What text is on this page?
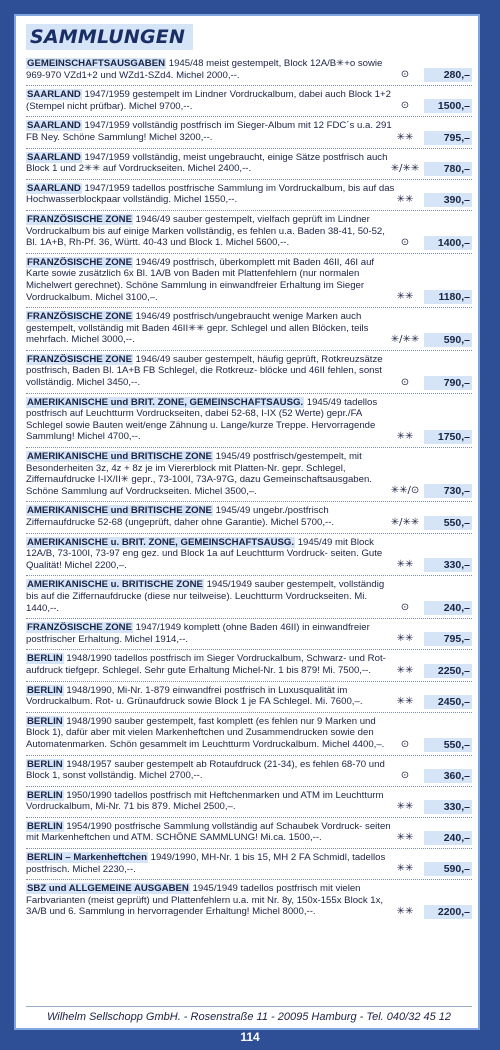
SAMMLUNGEN
GEMEINSCHAFTSAUSGABEN 1945/48 meist gestempelt, Block 12A/B✳+o sowie 969-970 VZd1+2 und WZd1-SZd4. Michel 2000,--.	⊙	280,–
SAARLAND 1947/1959 gestempelt im Lindner Vordruckalbum, dabei auch Block 1+2 (Stempel nicht prüfbar). Michel 9700,--.	⊙	1500,–
SAARLAND 1947/1959 vollständig postfrisch im Sieger-Album mit 12 FDC´s u.a. 291 FB Ney. Schöne Sammlung! Michel 3200,--.	✳✳	795,–
SAARLAND 1947/1959 vollständig, meist ungebraucht, einige Sätze postfrisch auch Block 1 und 2✳✳ auf Vordruckseiten. Michel 2400,--.	✳/✳✳	780,–
SAARLAND 1947/1959 tadellos postfrische Sammlung im Vordruckalbum, bis auf das Hochwasserblockpaar vollständig. Michel 1550,--.	✳✳	390,–
FRANZÖSISCHE ZONE 1946/49 sauber gestempelt, vielfach geprüft im Lindner Vordruckalbum bis auf einige Marken vollständig, es fehlen u.a. Baden 38-41, 50-52, Bl. 1A+B, Rh-Pf. 36, Württ. 40-43 und Block 1. Michel 5600,--.	⊙	1400,–
FRANZÖSISCHE ZONE 1946/49 postfrisch, überkomplett mit Baden 46II, 46I auf Karte sowie zusätzlich 6x Bl. 1A/B von Baden mit Plattenfehlern (nur normalen Michelwert gerechnet). Schöne Sammlung in einwandfreier Erhaltung im Sieger Vordruckalbum. Michel 3100,–.	✳✳	1180,–
FRANZÖSISCHE ZONE 1946/49 postfrisch/ungebraucht wenige Marken auch gestempelt, vollständig mit Baden 46II✳✳ gepr. Schlegel und allen Blöcken, teils mehrfach. Michel 3000,--.	✳/✳✳	590,–
FRANZÖSISCHE ZONE 1946/49 sauber gestempelt, häufig geprüft, Rotkreuzsätze postfrisch, Baden Bl. 1A+B FB Schlegel, die Rotkreuz- blöcke und 46II fehlen, sonst vollständig. Michel 3450,--.	⊙	790,–
AMERIKANISCHE und BRIT. ZONE, GEMEINSCHAFTSAUSG. 1945/49 tadellos postfrisch auf Leuchtturm Vordruckseiten, dabei 52-68, I-IX (52 Werte) gepr./FA Schlegel sowie Bauten weit/enge Zähnung u. Lange/kurze Treppe. Hervorragende Sammlung! Michel 4700,--.	✳✳	1750,–
AMERIKANISCHE und BRITISCHE ZONE 1945/49 postfrisch/gestempelt, mit Besonderheiten 3z, 4z + 8z je im Viererblock mit Platten-Nr. gepr. Schlegel, Ziffernaufdrucke I-IX/II✳ gepr., 73-100I, 73A-97G, dazu Gemeinschaftsausgaben. Schöne Sammlung auf Vordruckseiten. Michel 3500,–.	✳✳/⊙	730,–
AMERIKANISCHE und BRITISCHE ZONE 1945/49 ungebr./postfrisch Ziffernaufdrucke 52-68 (ungeprüft, daher ohne Garantie). Michel 5700,--.	✳/✳✳	550,–
AMERIKANISCHE u. BRIT. ZONE, GEMEINSCHAFTSAUSG. 1945/49 mit Block 12A/B, 73-100I, 73-97 eng gez. und Block 1a auf Leuchtturm Vordruck- seiten. Gute Qualität! Michel 2200,–.	✳✳	330,–
AMERIKANISCHE u. BRITISCHE ZONE 1945/1949 sauber gestempelt, vollständig bis auf die Ziffernaufdrucke (diese nur teilweise). Leuchtturm Vordruckseiten. Mi. 1440,--.	⊙	240,–
FRANZÖSISCHE ZONE 1947/1949 komplett (ohne Baden 46II) in einwandfreier postfrischer Erhaltung. Michel 1914,--.	✳✳	795,–
BERLIN 1948/1990 tadellos postfrisch im Sieger Vordruckalbum, Schwarz- und Rot- aufdruck tiefgepr. Schlegel. Sehr gute Erhaltung Michel-Nr. 1 bis 879! Mi. 7500,--.	✳✳	2250,–
BERLIN 1948/1990, Mi-Nr. 1-879 einwandfrei postfrisch in Luxusqualität im Vordruckalbum. Rot- u. Grünaufdruck sowie Block 1 je FA Schlegel. Mi. 7600,–.	✳✳	2450,–
BERLIN 1948/1990 sauber gestempelt, fast komplett (es fehlen nur 9 Marken und Block 1), dafür aber mit vielen Markenheftchen und Zusammendrucken sowie den Automatenmarken. Schön gesammelt im Leuchtturm Vordruckalbum. Michel 4400,–.	⊙	550,–
BERLIN 1948/1957 sauber gestempelt ab Rotaufdruck (21-34), es fehlen 68-70 und Block 1, sonst vollständig. Michel 2700,--.	⊙	360,–
BERLIN 1950/1990 tadellos postfrisch mit Heftchenmarken und ATM im Leuchtturm Vordruckalbum, Mi-Nr. 71 bis 879. Michel 2500,–.	✳✳	330,–
BERLIN 1954/1990 postfrische Sammlung vollständig auf Schaubek Vordruck- seiten mit Markenheftchen und ATM. SCHÖNE SAMMLUNG! Mi.ca. 1500,--.	✳✳	240,–
BERLIN – Markenheftchen 1949/1990, MH-Nr. 1 bis 15, MH 2 FA Schmidl, tadellos postfrisch. Michel 2230,--.	✳✳	590,–
SBZ und ALLGEMEINE AUSGABEN 1945/1949 tadellos postfrisch mit vielen Farbvarianten (meist geprüft) und Plattenfehlern u.a. mit Nr. 8y, 150x-155x Block 1x, 3A/B und 6. Sammlung in hervorragender Erhaltung! Michel 8000,--.	✳✳	2200,–
Wilhelm Sellschopp GmbH. - Rosenstraße 11 - 20095 Hamburg - Tel. 040/32 45 12
114
